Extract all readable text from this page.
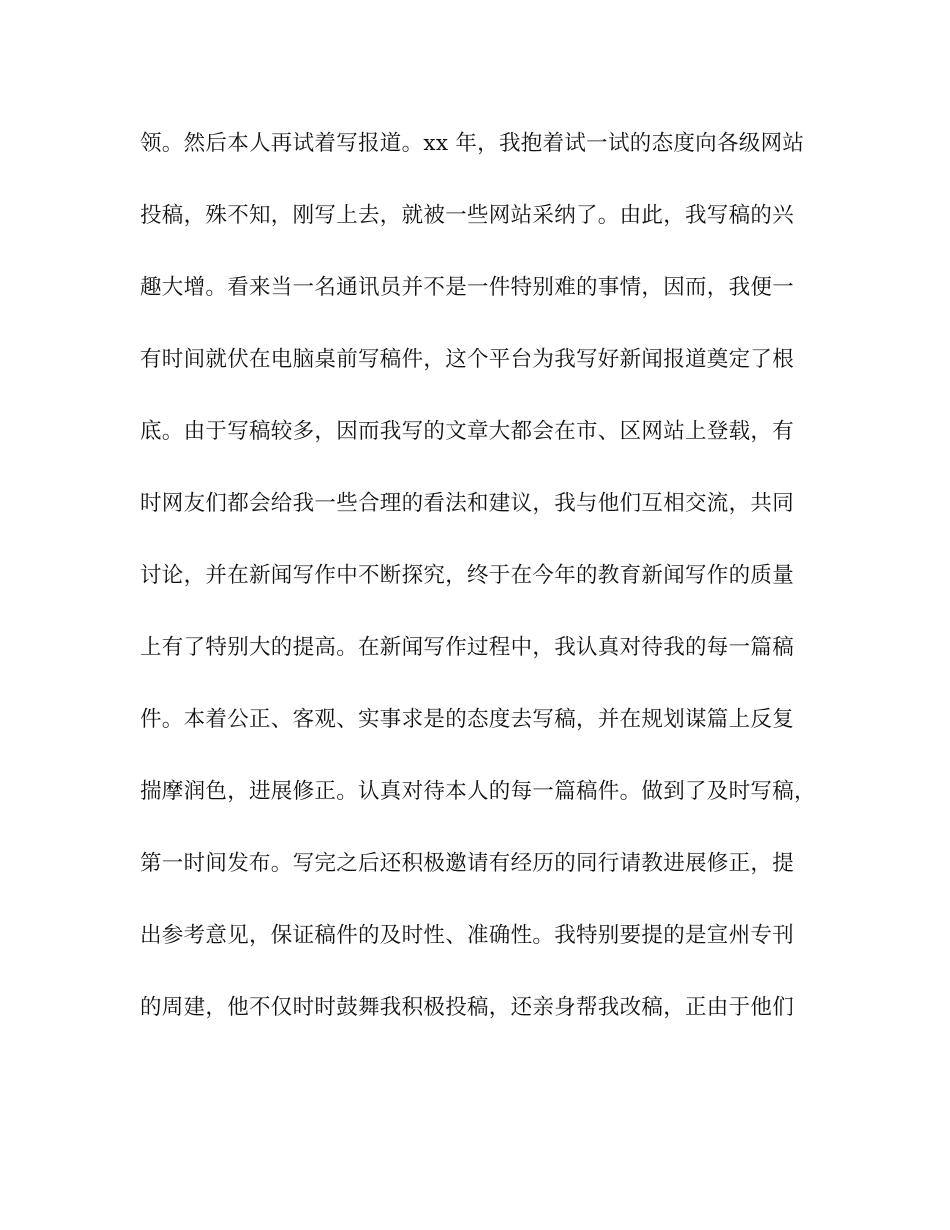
领。然后本人再试着写报道。xx 年，我抱着试一试的态度向各级网站
投稿，殊不知，刚写上去，就被一些网站采纳了。由此，我写稿的兴
趣大增。看来当一名通讯员并不是一件特别难的事情，因而，我便一
有时间就伏在电脑桌前写稿件，这个平台为我写好新闻报道奠定了根
底。由于写稿较多，因而我写的文章大都会在市、区网站上登载，有
时网友们都会给我一些合理的看法和建议，我与他们互相交流，共同
讨论，并在新闻写作中不断探究，终于在今年的教育新闻写作的质量
上有了特别大的提高。在新闻写作过程中，我认真对待我的每一篇稿
件。本着公正、客观、实事求是的态度去写稿，并在规划谋篇上反复
揣摩润色，进展修正。认真对待本人的每一篇稿件。做到了及时写稿，
第一时间发布。写完之后还积极邀请有经历的同行请教进展修正，提
出参考意见，保证稿件的及时性、准确性。我特别要提的是宣州专刊
的周建，他不仅时时鼓舞我积极投稿，还亲身帮我改稿，正由于他们
